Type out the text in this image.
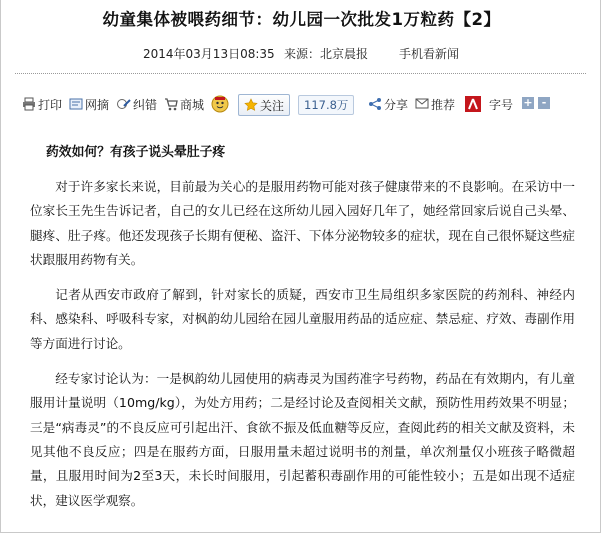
幼童集体被喂药细节：幼儿园一次批发1万粒药【2】
2014年03月13日08:35 来源：北京晨报	手机看新闻
打印 网摘 纠错 商城	关注	117.8万	分享 推荐	字号 + -
药效如何？有孩子说头晕肚子疼

对于许多家长来说，目前最为关心的是服用药物可能对孩子健康带来的不良影响。在采访中一位家长王先生告诉记者，自己的女儿已经在这所幼儿园入园好几年了，她经常回家后说自己头晕、腿疼、肚子疼。他还发现孩子长期有便秘、盗汗、下体分泌物较多的症状，现在自己很怀疑这些症状跟服用药物有关。

记者从西安市政府了解到，针对家长的质疑，西安市卫生局组织多家医院的药剂科、神经内科、感染科、呼吸科专家，对枫韵幼儿园给在园儿童服用药品的适应症、禁忌症、疗效、毒副作用等方面进行讨论。

经专家讨论认为：一是枫韵幼儿园使用的病毒灵为国药准字号药物，药品在有效期内，有儿童服用计量说明（10mg/kg），为处方用药；二是经讨论及查阅相关文献，预防性用药效果不明显；三是“病毒灵”的不良反应可引起出汗、食欲不振及低血糖等反应，查阅此药的相关文献及资料，未见其他不良反应；四是在服药方面，日服用量未超过说明书的剂量，单次剂量仅小班孩子略微超量，且服用时间为2至3天，未长时间服用，引起蓄积毒副作用的可能性较小；五是如出现不适症状，建议医学观察。
